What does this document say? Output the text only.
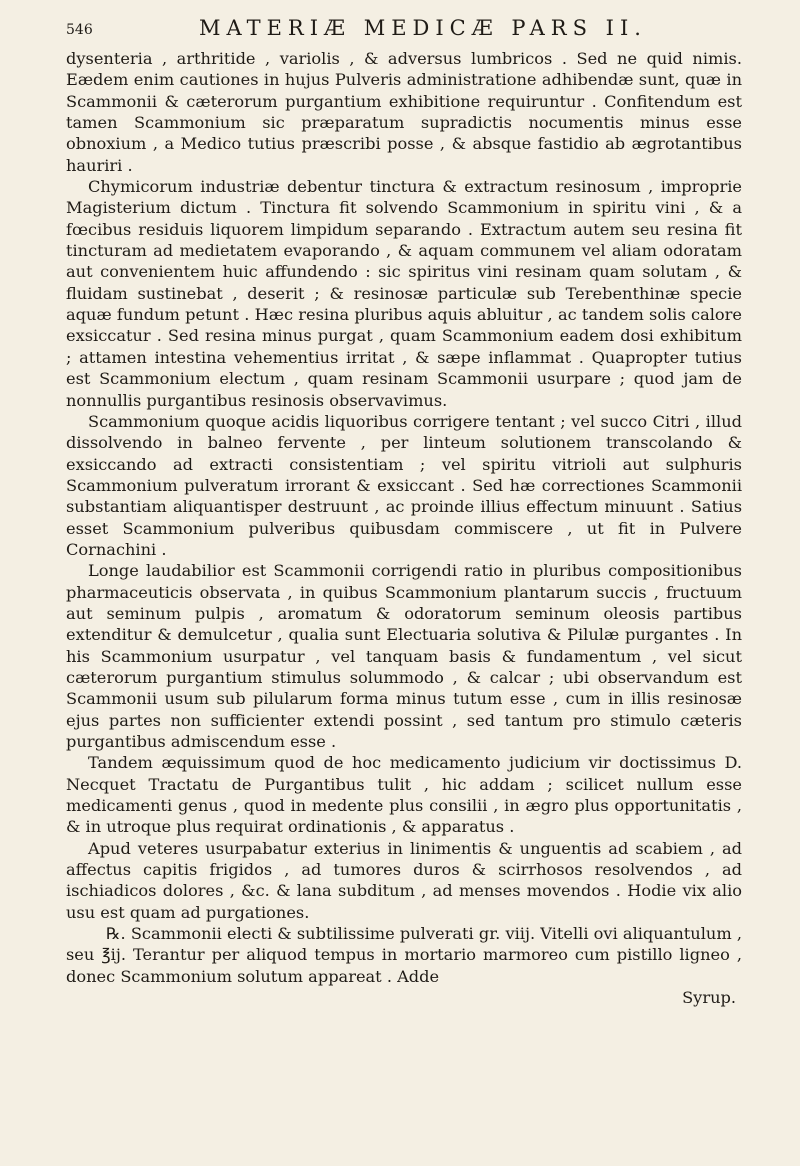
546	MATERIÆ MEDICÆ PARS II.

dysenteria , arthritide , variolis , & adversus lumbricos . Sed ne quid nimis. Eædem enim cautiones in hujus Pulveris administratione adhibendæ sunt, quæ in Scammonii & cæterorum purgantium exhibitione requiruntur . Confitendum est tamen Scammonium sic præparatum supradictis nocumentis minus esse obnoxium , a Medico tutius præscribi posse , & absque fastidio ab ægrotantibus hauriri .

Chymicorum industriæ debentur tinctura & extractum resinosum , improprie Magisterium dictum . Tinctura fit solvendo Scammonium in spiritu vini , & a fœcibus residuis liquorem limpidum separando . Extractum autem seu resina fit tincturam ad medietatem evaporando , & aquam communem vel aliam odoratam aut convenientem huic affundendo : sic spiritus vini resinam quam solutam , & fluidam sustinebat , deserit ; & resinosæ particulæ sub Terebenthinæ specie aquæ fundum petunt . Hæc resina pluribus aquis abluitur , ac tandem solis calore exsiccatur . Sed resina minus purgat , quam Scammonium eadem dosi exhibitum ; attamen intestina vehementius irritat , & sæpe inflammat . Quapropter tutius est Scammonium electum , quam resinam Scammonii usurpare ; quod jam de nonnullis purgantibus resinosis observavimus.

Scammonium quoque acidis liquoribus corrigere tentant ; vel succo Citri , illud dissolvendo in balneo fervente , per linteum solutionem transcolando & exsiccando ad extracti consistentiam ; vel spiritu vitrioli aut sulphuris Scammonium pulveratum irrorant & exsiccant . Sed hæ correctiones Scammonii substantiam aliquantisper destruunt , ac proinde illius effectum minuunt . Satius esset Scammonium pulveribus quibusdam commiscere , ut fit in Pulvere Cornachini .

Longe laudabilior est Scammonii corrigendi ratio in pluribus compositionibus pharmaceuticis observata , in quibus Scammonium plantarum succis , fructuum aut seminum pulpis , aromatum & odoratorum seminum oleosis partibus extenditur & demulcetur , qualia sunt Electuaria solutiva & Pilulæ purgantes . In his Scammonium usurpatur , vel tanquam basis & fundamentum , vel sicut cæterorum purgantium stimulus solummodo , & calcar ; ubi observandum est Scammonii usum sub pilularum forma minus tutum esse , cum in illis resinosæ ejus partes non sufficienter extendi possint , sed tantum pro stimulo cæteris purgantibus admiscendum esse .

Tandem æquissimum quod de hoc medicamento judicium vir doctissimus D. Necquet Tractatu de Purgantibus tulit , hic addam ; scilicet nullum esse medicamenti genus , quod in medente plus consilii , in ægro plus opportunitatis , & in utroque plus requirat ordinationis , & apparatus .

Apud veteres usurpabatur exterius in linimentis & unguentis ad scabiem , ad affectus capitis frigidos , ad tumores duros & scirrhosos resolvendos , ad ischiadicos dolores , &c. & lana subditum , ad menses movendos . Hodie vix alio usu est quam ad purgationes.

℞. Scammonii electi & subtilissime pulverati gr. viij. Vitelli ovi aliquantulum , seu ℥ij. Terantur per aliquod tempus in mortario marmoreo cum pistillo ligneo , donec Scammonium solutum appareat . Adde

Syrup.
